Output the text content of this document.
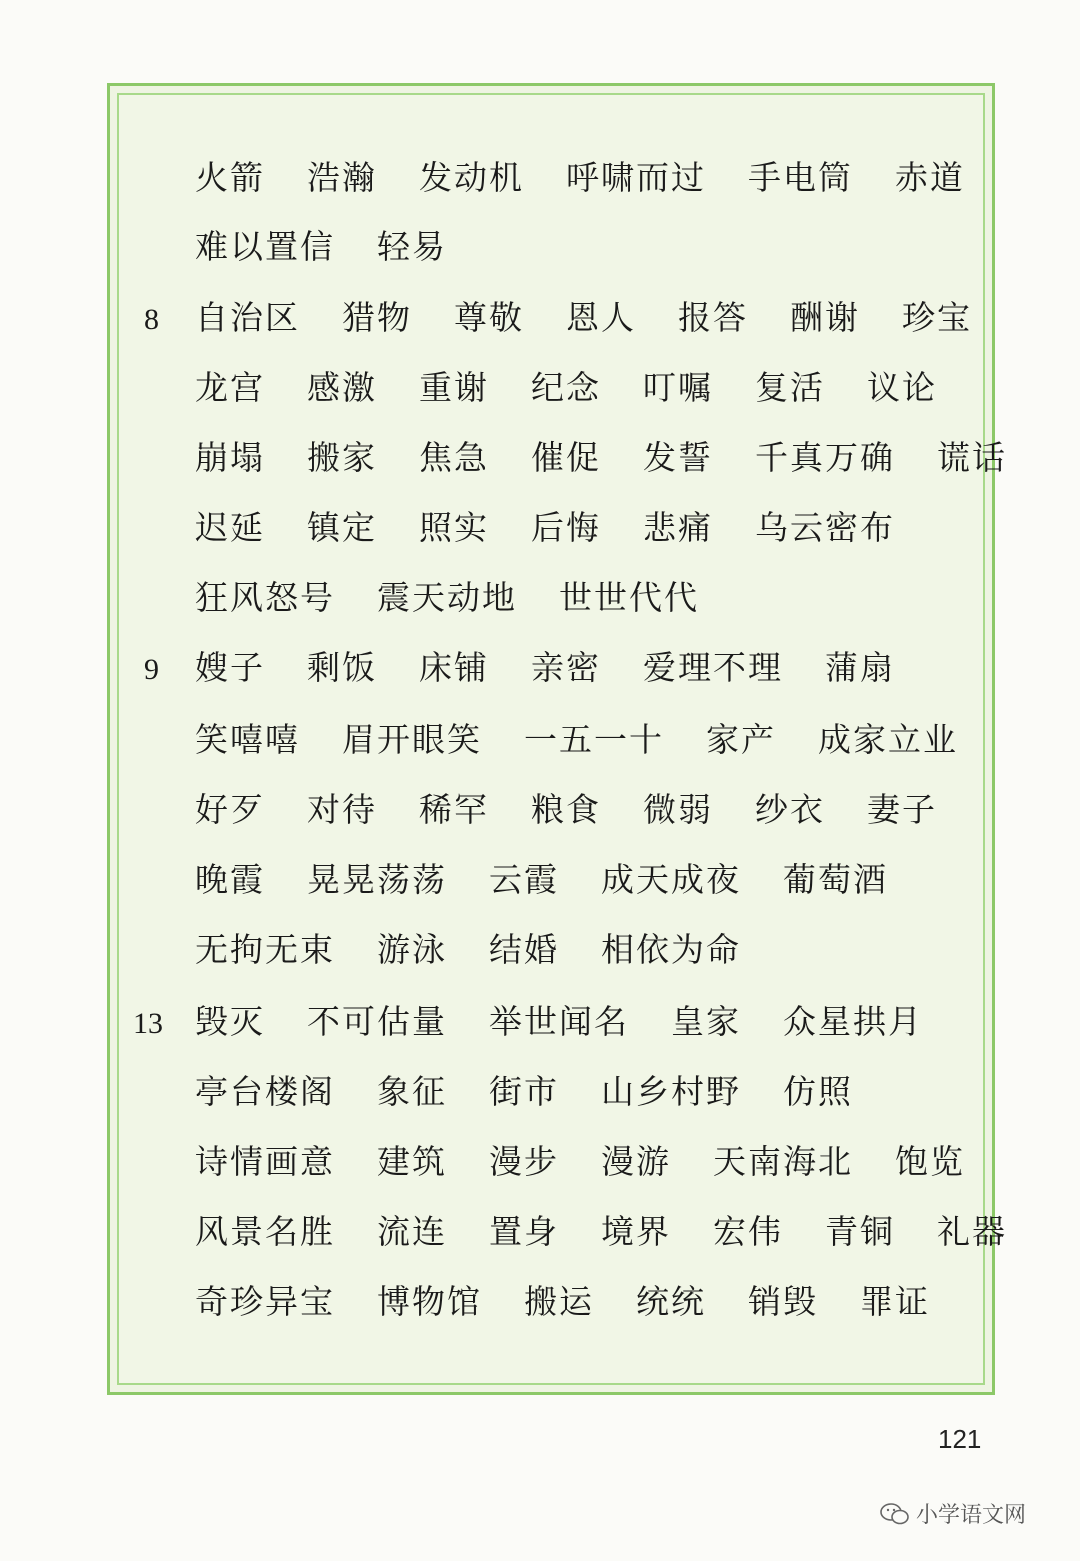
火箭 浩瀚 发动机 呼啸而过 手电筒 赤道
难以置信 轻易
8 自治区 猎物 尊敬 恩人 报答 酬谢 珍宝
龙宫 感激 重谢 纪念 叮嘱 复活 议论
崩塌 搬家 焦急 催促 发誓 千真万确 谎话
迟延 镇定 照实 后悔 悲痛 乌云密布
狂风怒号 震天动地 世世代代
9 嫂子 剩饭 床铺 亲密 爱理不理 蒲扇
笑嘻嘻 眉开眼笑 一五一十 家产 成家立业
好歹 对待 稀罕 粮食 微弱 纱衣 妻子
晚霞 晃晃荡荡 云霞 成天成夜 葡萄酒
无拘无束 游泳 结婚 相依为命
13 毁灭 不可估量 举世闻名 皇家 众星拱月
亭台楼阁 象征 街市 山乡村野 仿照
诗情画意 建筑 漫步 漫游 天南海北 饱览
风景名胜 流连 置身 境界 宏伟 青铜 礼器
奇珍异宝 博物馆 搬运 统统 销毁 罪证
121
小学语文网
